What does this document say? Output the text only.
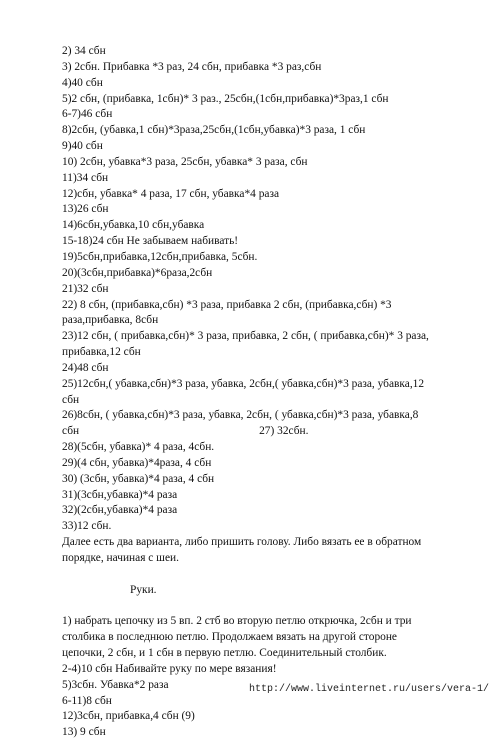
2) 34 сбн
3) 2сбн. Прибавка *3 раз, 24 сбн, прибавка *3 раз,сбн
4)40 сбн
5)2 сбн, (прибавка, 1сбн)* 3 раз., 25сбн,(1сбн,прибавка)*3раз,1 сбн
6-7)46 сбн
8)2сбн, (убавка,1 сбн)*3раза,25сбн,(1сбн,убавка)*3 раза, 1 сбн
9)40 сбн
10) 2сбн, убавка*3 раза, 25сбн, убавка* 3 раза, сбн
11)34 сбн
12)сбн, убавка* 4 раза, 17 сбн, убавка*4 раза
13)26 сбн
14)6сбн,убавка,10 сбн,убавка
15-18)24 сбн Не забываем набивать!
19)5сбн,прибавка,12сбн,прибавка, 5сбн.
20)(3сбн,прибавка)*6раза,2сбн
21)32 сбн
22) 8 сбн, (прибавка,сбн) *3 раза, прибавка 2 сбн, (прибавка,сбн) *3
раза,прибавка, 8сбн
23)12 сбн, ( прибавка,сбн)* 3 раза, прибавка, 2 сбн, ( прибавка,сбн)* 3 раза,
прибавка,12 сбн
24)48 сбн
25)12сбн,( убавка,сбн)*3 раза, убавка, 2сбн,( убавка,сбн)*3 раза, убавка,12
сбн
26)8сбн, ( убавка,сбн)*3 раза, убавка, 2сбн, ( убавка,сбн)*3 раза, убавка,8
сбн	27) 32сбн.
28)(5сбн, убавка)* 4 раза, 4сбн.
29)(4 сбн, убавка)*4раза, 4 сбн
30) (3сбн, убавка)*4 раза, 4 сбн
31)(3сбн,убавка)*4 раза
32)(2сбн,убавка)*4 раза
33)12 сбн.
Далее есть два варианта, либо пришить голову. Либо вязать ее в обратном
порядке, начиная с шеи.
Руки.
1) набрать цепочку из 5 вп. 2 стб во вторую петлю открючка, 2сбн и три
столбика в последнюю петлю. Продолжаем вязать на другой стороне
цепочки, 2 сбн, и 1 сбн в первую петлю. Соединительный столбик.
2-4)10 сбн Набивайте руку по мере вязания!
5)3сбн. Убавка*2 раза
6-11)8 сбн
12)3сбн, прибавка,4 сбн (9)
13) 9 сбн
http://www.liveinternet.ru/users/vera-1/
